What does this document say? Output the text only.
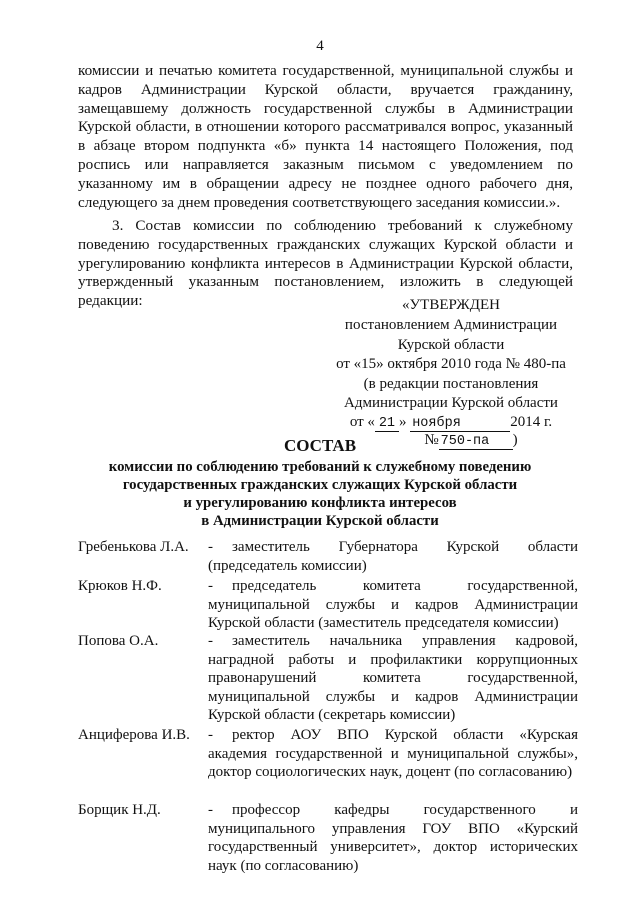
4

комиссии и печатью комитета государственной, муниципальной службы и кадров Администрации Курской области, вручается гражданину, замещавшему должность государственной службы в Администрации Курской области, в отношении которого рассматривался вопрос, указанный в абзаце втором подпункта «б» пункта 14 настоящего Положения, под роспись или направляется заказным письмом с уведомлением по указанному им в обращении адресу не позднее одного рабочего дня, следующего за днем проведения соответствующего заседания комиссии.».

3. Состав комиссии по соблюдению требований к служебному поведению государственных гражданских служащих Курской области и урегулированию конфликта интересов в Администрации Курской области, утвержденный указанным постановлением, изложить в следующей редакции:	«УТВЕРЖДЕН
постановлением Администрации
Курской области
от «15» октября 2010 года № 480-па
(в редакции постановления
Администрации Курской области
от « 21 » ноября	2014 г.
№ 750-па )
СОСТАВ
комиссии по соблюдению требований к служебному поведению
государственных гражданских служащих Курской области
и урегулированию конфликта интересов
в Администрации Курской области
Гребенькова Л.А.	-	заместитель Губернатора Курской области (председатель комиссии)
Крюков Н.Ф.	-	председатель комитета государственной, муниципальной службы и кадров Администрации Курской области (заместитель председателя комиссии)
Попова О.А.	-	заместитель начальника управления кадровой, наградной работы и профилактики коррупционных правонарушений комитета государственной, муниципальной службы и кадров Администрации Курской области (секретарь комиссии)
Анциферова И.В.	-	ректор АОУ ВПО Курской области «Курская академия государственной и муниципальной службы», доктор социологических наук, доцент (по согласованию)
Борщик Н.Д.	-	профессор кафедры государственного и муниципального управления ГОУ ВПО «Курский государственный университет», доктор исторических наук (по согласованию)
